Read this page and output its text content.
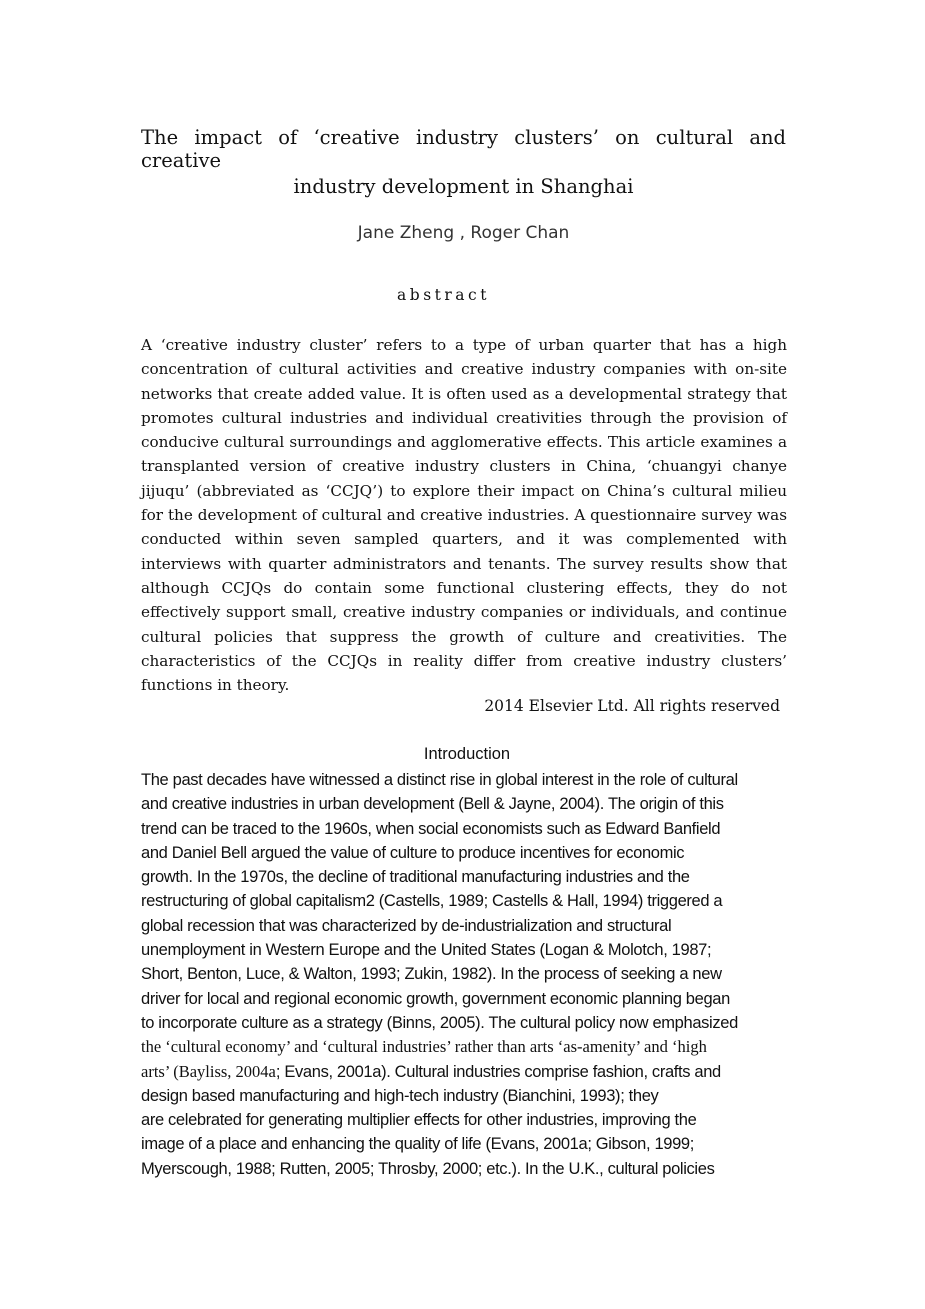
The impact of ‘creative industry clusters’ on cultural and creative
industry development in Shanghai
Jane Zheng , Roger Chan
abstract

A ‘creative industry cluster’ refers to a type of urban quarter that has a high concentration of cultural activities and creative industry companies with on-site networks that create added value. It is often used as a developmental strategy that promotes cultural industries and individual creativities through the provision of conducive cultural surroundings and agglomerative effects. This article examines a transplanted version of creative industry clusters in China, ‘chuangyi chanye jijuqu’ (abbreviated as ‘CCJQ’) to explore their impact on China’s cultural milieu for the development of cultural and creative industries. A questionnaire survey was conducted within seven sampled quarters, and it was complemented with interviews with quarter administrators and tenants. The survey results show that although CCJQs do contain some functional clustering effects, they do not effectively support small, creative industry companies or individuals, and continue cultural policies that suppress the growth of culture and creativities. The characteristics of the CCJQs in reality differ from creative industry clusters’ functions in theory.

2014 Elsevier Ltd. All rights reserved

Introduction
The past decades have witnessed a distinct rise in global interest in the role of cultural
and creative industries in urban development (Bell & Jayne, 2004). The origin of this
trend can be traced to the 1960s, when social economists such as Edward Banfield
and Daniel Bell argued the value of culture to produce incentives for economic
growth. In the 1970s, the decline of traditional manufacturing industries and the
restructuring of global capitalism2 (Castells, 1989; Castells & Hall, 1994) triggered a
global recession that was characterized by de-industrialization and structural
unemployment in Western Europe and the United States (Logan & Molotch, 1987;
Short, Benton, Luce, & Walton, 1993; Zukin, 1982). In the process of seeking a new
driver for local and regional economic growth, government economic planning began
to incorporate culture as a strategy (Binns, 2005). The cultural policy now emphasized
the ‘cultural economy’ and ‘cultural industries’ rather than arts ‘as-amenity’ and ‘high
arts’ (Bayliss, 2004a; Evans, 2001a). Cultural industries comprise fashion, crafts and
design based manufacturing and high-tech industry (Bianchini, 1993); they
are celebrated for generating multiplier effects for other industries, improving the
image of a place and enhancing the quality of life (Evans, 2001a; Gibson, 1999;
Myerscough, 1988; Rutten, 2005; Throsby, 2000; etc.). In the U.K., cultural policies
